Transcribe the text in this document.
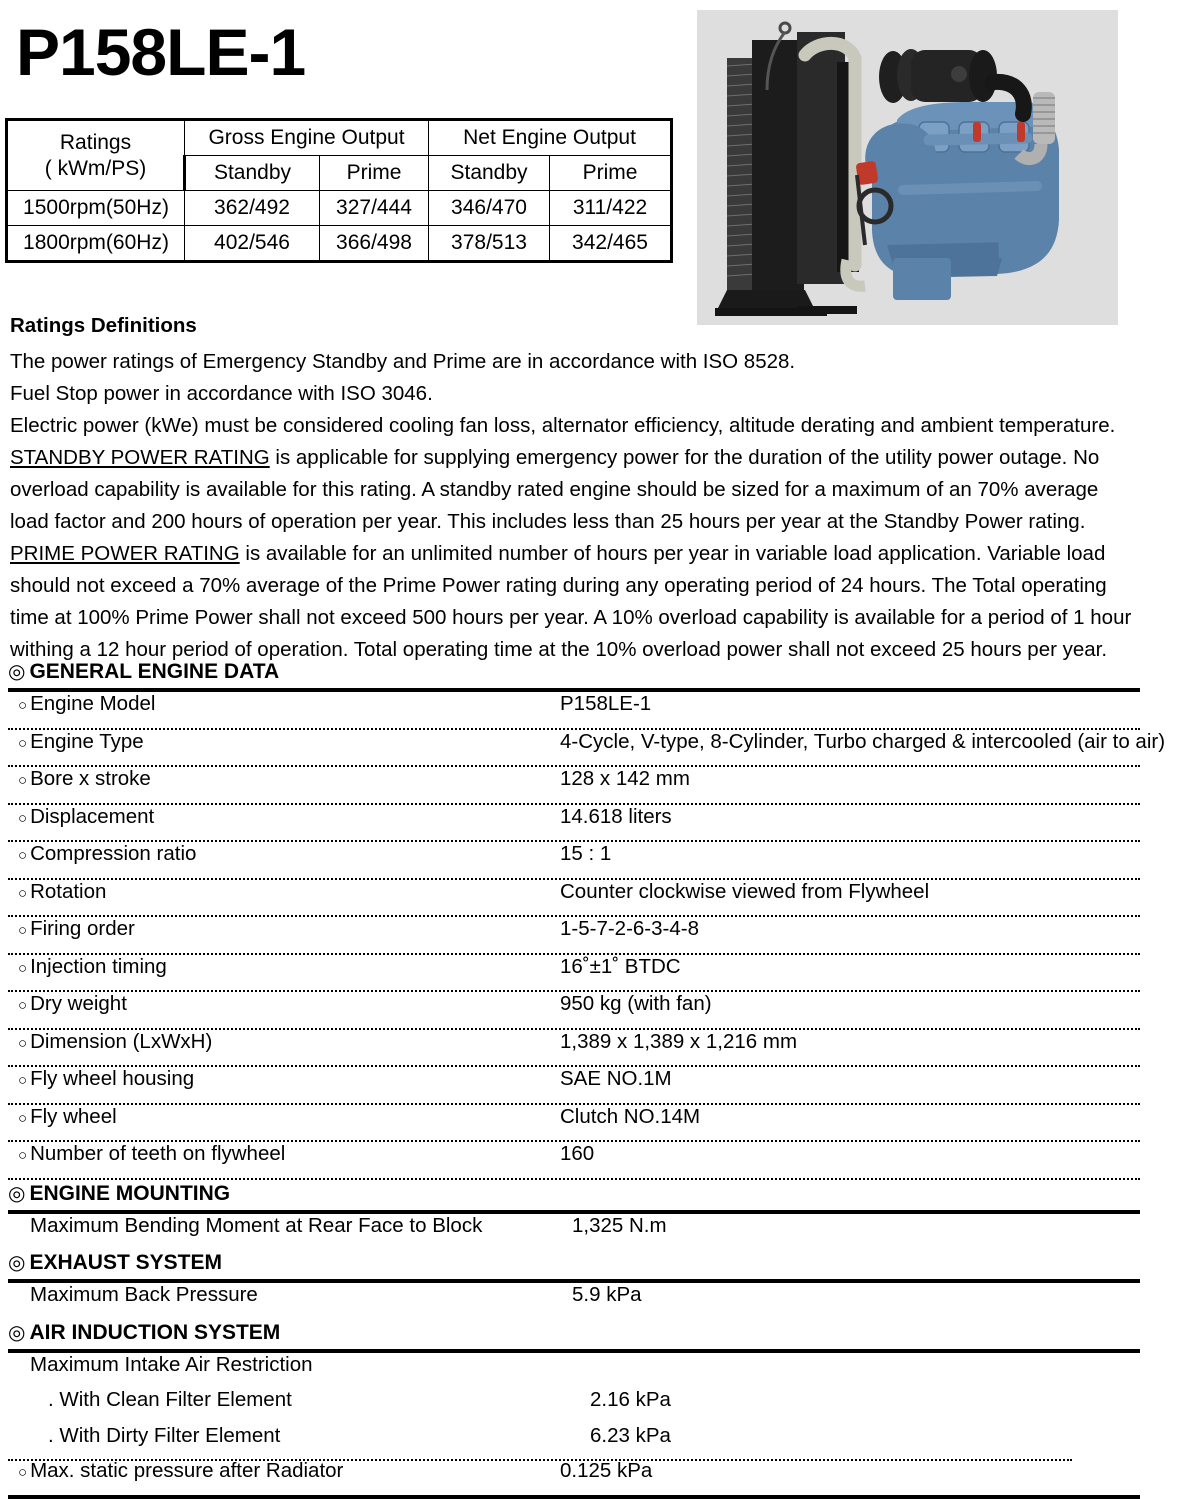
P158LE-1
Ratings
( kWm/PS)	Gross Engine Output		Net Engine Output	
	Standby	Prime	Standby	Prime
1500rpm(50Hz)	362/492	327/444	346/470	311/422
1800rpm(60Hz)	402/546	366/498	378/513	342/465
Ratings Definitions

The power ratings of Emergency Standby and Prime are in accordance with ISO 8528.

Fuel Stop power in accordance with ISO 3046.

Electric power (kWe) must be considered cooling fan loss, alternator efficiency, altitude derating and ambient temperature.

STANDBY POWER RATING is applicable for supplying emergency power for the duration of the utility power outage. No overload capability is available for this rating. A standby rated engine should be sized for a maximum of an 70% average load factor and 200 hours of operation per year. This includes less than 25 hours per year at the Standby Power rating.

PRIME POWER RATING is available for an unlimited number of hours per year in variable load application. Variable load should not exceed a 70% average of the Prime Power rating during any operating period of 24 hours. The Total operating time at 100% Prime Power shall not exceed 500 hours per year. A 10% overload capability is available for a period of 1 hour withing a 12 hour period of operation. Total operating time at the 10% overload power shall not exceed 25 hours per year.

◎ GENERAL ENGINE DATA
○ Engine Model	P158LE-1
○ Engine Type	4-Cycle, V-type, 8-Cylinder, Turbo charged & intercooled (air to air)
○ Bore x stroke	128 x 142 mm
○ Displacement	14.618 liters
○ Compression ratio	15 : 1
○ Rotation	Counter clockwise viewed from Flywheel
○ Firing order	1-5-7-2-6-3-4-8
○ Injection timing	16˚±1˚ BTDC
○ Dry weight	950 kg (with fan)
○ Dimension (LxWxH)	1,389 x 1,389 x 1,216 mm
○ Fly wheel housing	SAE NO.1M
○ Fly wheel	Clutch NO.14M
○ Number of teeth on flywheel	160
◎ ENGINE MOUNTING
Maximum Bending Moment at Rear Face to Block	1,325 N.m
◎ EXHAUST SYSTEM
Maximum Back Pressure	5.9 kPa
◎ AIR INDUCTION SYSTEM
Maximum Intake Air Restriction
. With Clean Filter Element	2.16 kPa
. With Dirty Filter Element	6.23 kPa
○ Max. static pressure after Radiator	0.125 kPa
